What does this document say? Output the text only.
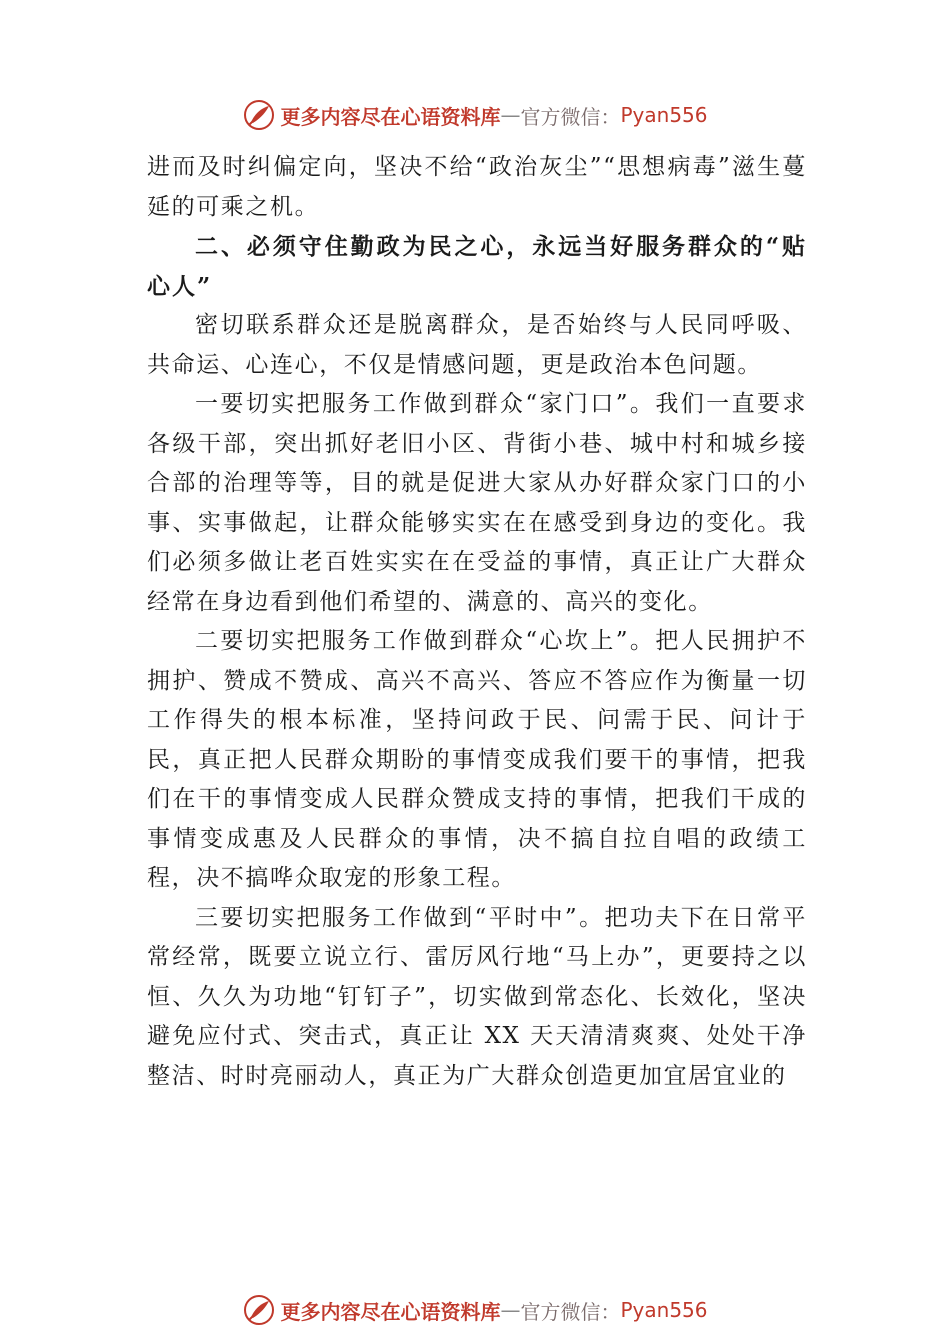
更多内容尽在心语资料库 — 官方微信： Pyan556

进而及时纠偏定向，坚决不给“政治灰尘”“思想病毒”滋生蔓延的可乘之机。

二、必须守住勤政为民之心，永远当好服务群众的“贴心人”

密切联系群众还是脱离群众，是否始终与人民同呼吸、共命运、心连心，不仅是情感问题，更是政治本色问题。

一要切实把服务工作做到群众“家门口”。我们一直要求各级干部，突出抓好老旧小区、背街小巷、城中村和城乡接合部的治理等等，目的就是促进大家从办好群众家门口的小事、实事做起，让群众能够实实在在感受到身边的变化。我们必须多做让老百姓实实在在受益的事情，真正让广大群众经常在身边看到他们希望的、满意的、高兴的变化。

二要切实把服务工作做到群众“心坎上”。把人民拥护不拥护、赞成不赞成、高兴不高兴、答应不答应作为衡量一切工作得失的根本标准，坚持问政于民、问需于民、问计于民，真正把人民群众期盼的事情变成我们要干的事情，把我们在干的事情变成人民群众赞成支持的事情，把我们干成的事情变成惠及人民群众的事情，决不搞自拉自唱的政绩工程，决不搞哗众取宠的形象工程。

三要切实把服务工作做到“平时中”。把功夫下在日常平常经常，既要立说立行、雷厉风行地“马上办”，更要持之以恒、久久为功地“钉钉子”，切实做到常态化、长效化，坚决避免应付式、突击式，真正让 XX 天天清清爽爽、处处干净整洁、时时亮丽动人，真正为广大群众创造更加宜居宜业的

更多内容尽在心语资料库 — 官方微信： Pyan556
